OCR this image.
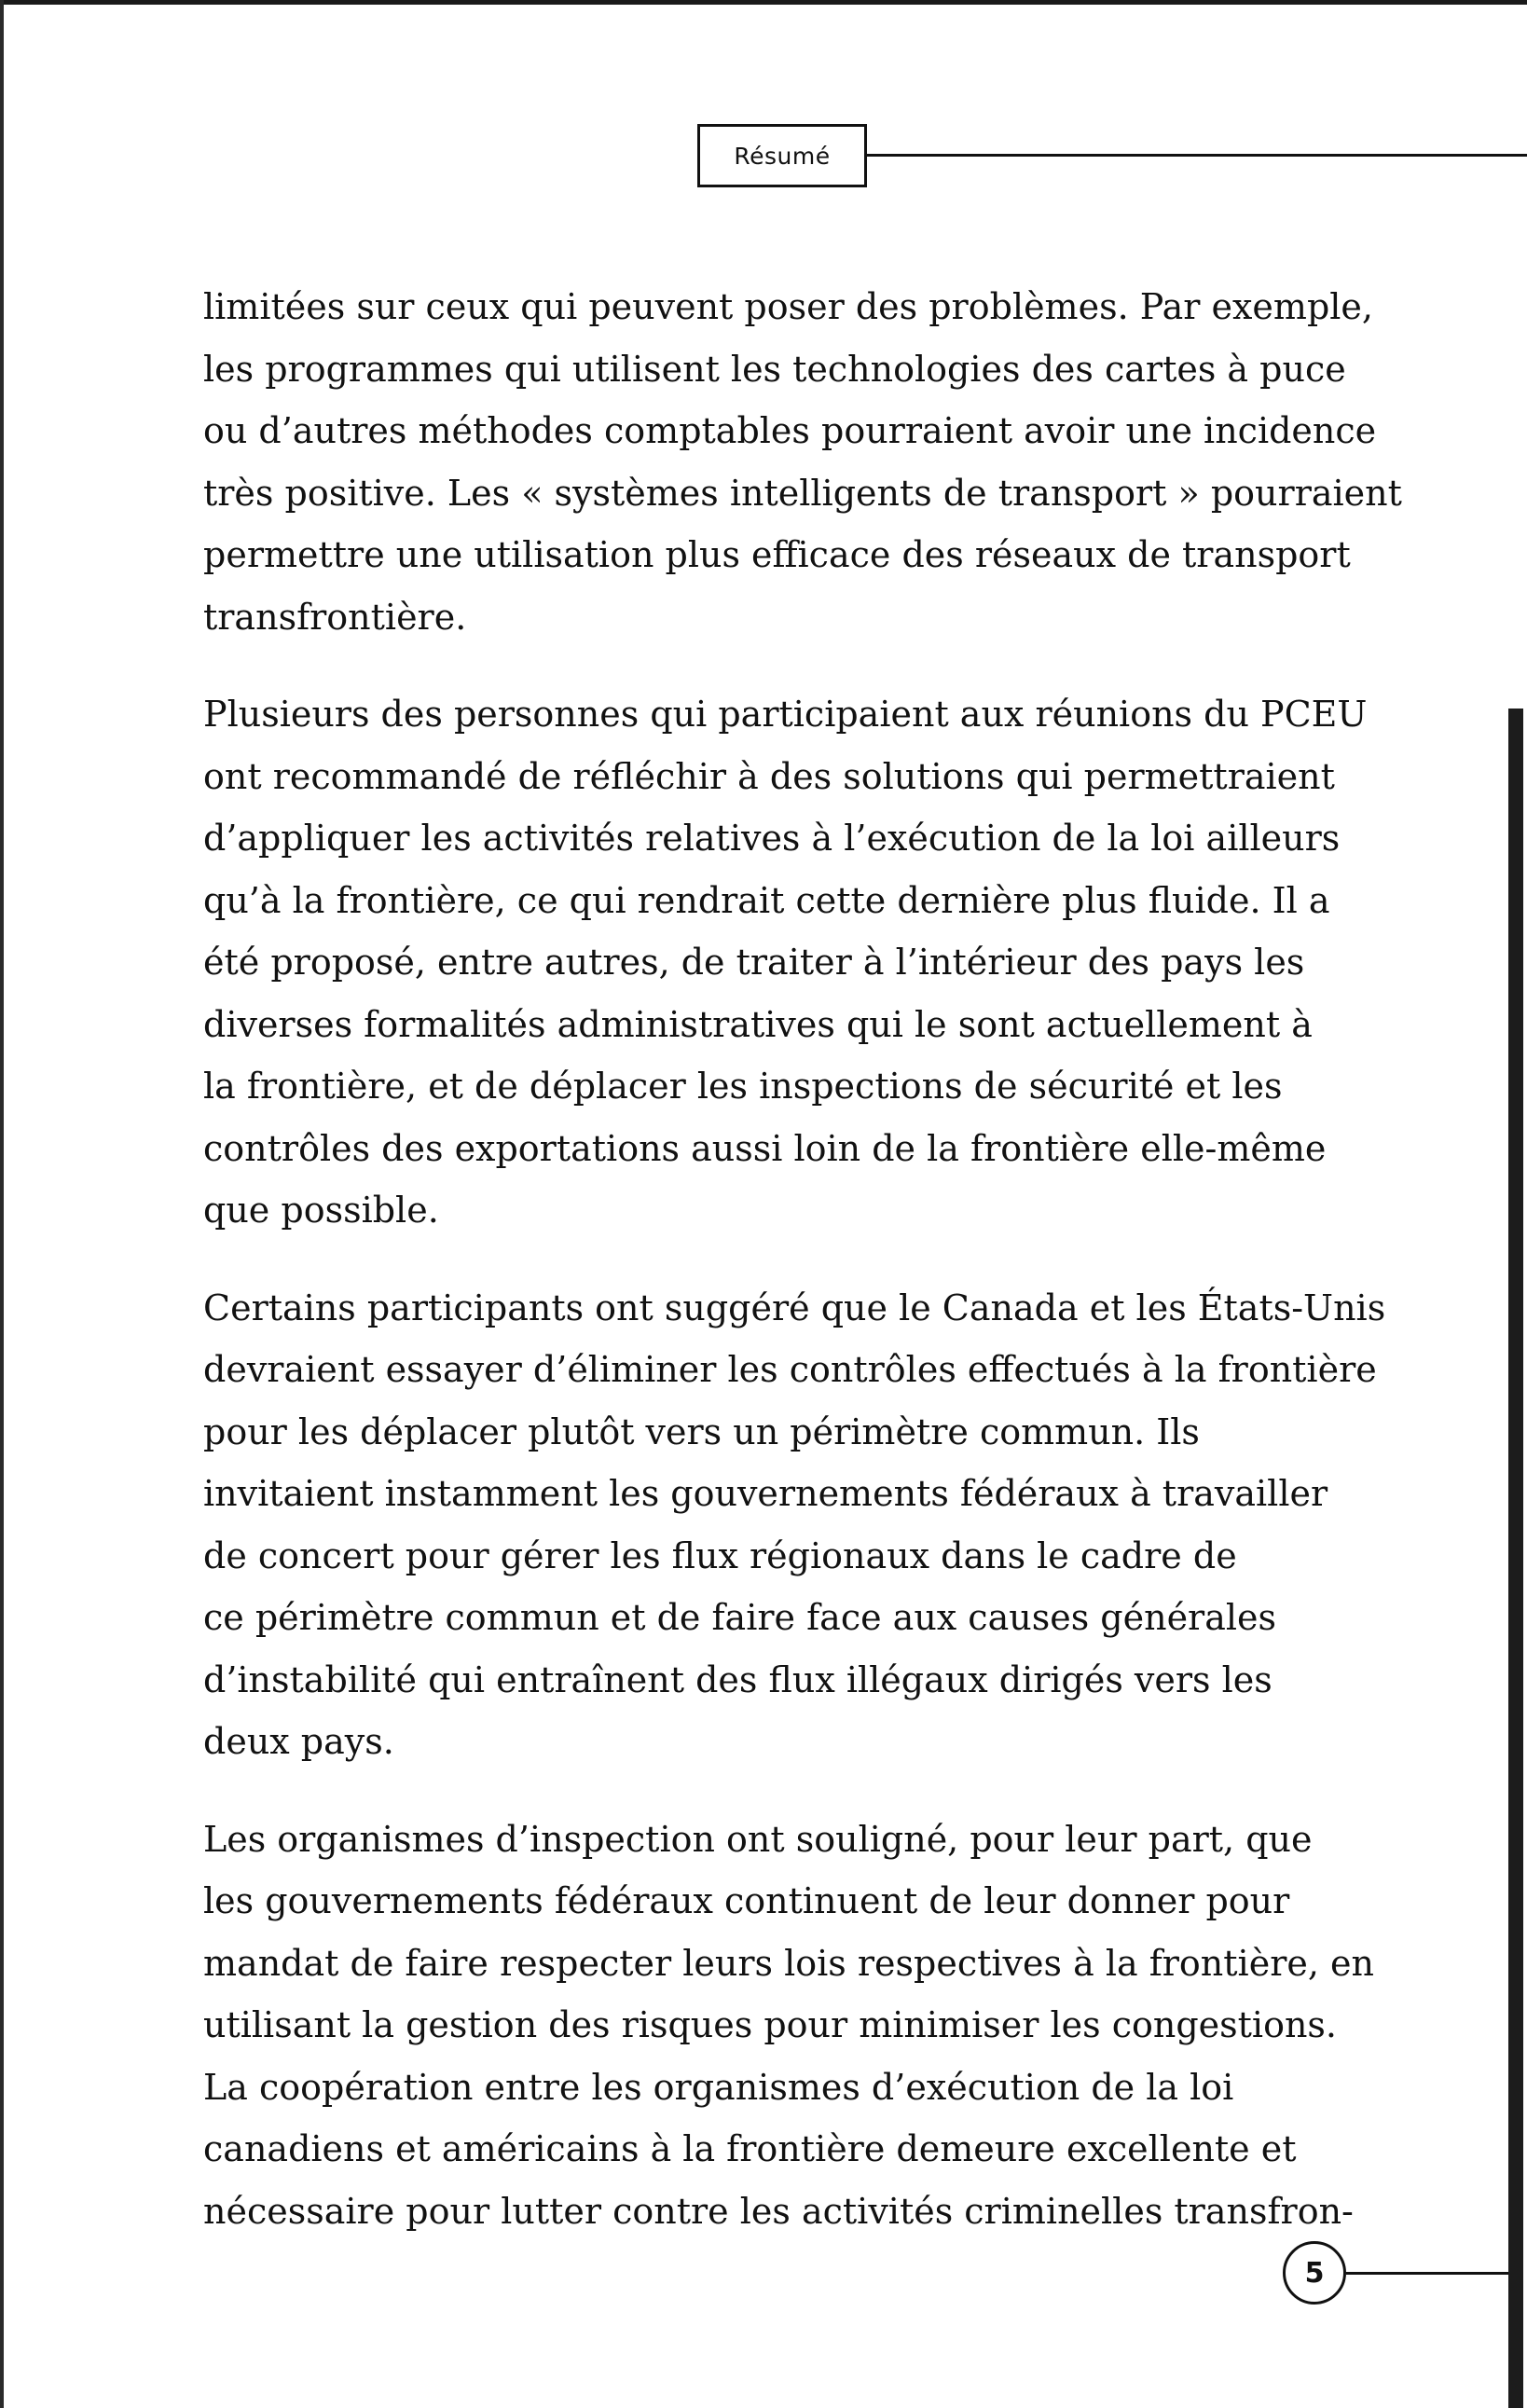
Résumé

limitées sur ceux qui peuvent poser des problèmes. Par exemple,
les programmes qui utilisent les technologies des cartes à puce
ou d’autres méthodes comptables pourraient avoir une incidence
très positive. Les « systèmes intelligents de transport » pourraient
permettre une utilisation plus efficace des réseaux de transport
transfrontière.

Plusieurs des personnes qui participaient aux réunions du PCEU
ont recommandé de réfléchir à des solutions qui permettraient
d’appliquer les activités relatives à l’exécution de la loi ailleurs
qu’à la frontière, ce qui rendrait cette dernière plus fluide. Il a
été proposé, entre autres, de traiter à l’intérieur des pays les
diverses formalités administratives qui le sont actuellement à
la frontière, et de déplacer les inspections de sécurité et les
contrôles des exportations aussi loin de la frontière elle-même
que possible.

Certains participants ont suggéré que le Canada et les États-Unis
devraient essayer d’éliminer les contrôles effectués à la frontière
pour les déplacer plutôt vers un périmètre commun. Ils
invitaient instamment les gouvernements fédéraux à travailler
de concert pour gérer les flux régionaux dans le cadre de
ce périmètre commun et de faire face aux causes générales
d’instabilité qui entraînent des flux illégaux dirigés vers les
deux pays.

Les organismes d’inspection ont souligné, pour leur part, que
les gouvernements fédéraux continuent de leur donner pour
mandat de faire respecter leurs lois respectives à la frontière, en
utilisant la gestion des risques pour minimiser les congestions.
La coopération entre les organismes d’exécution de la loi
canadiens et américains à la frontière demeure excellente et
nécessaire pour lutter contre les activités criminelles transfron-

5
